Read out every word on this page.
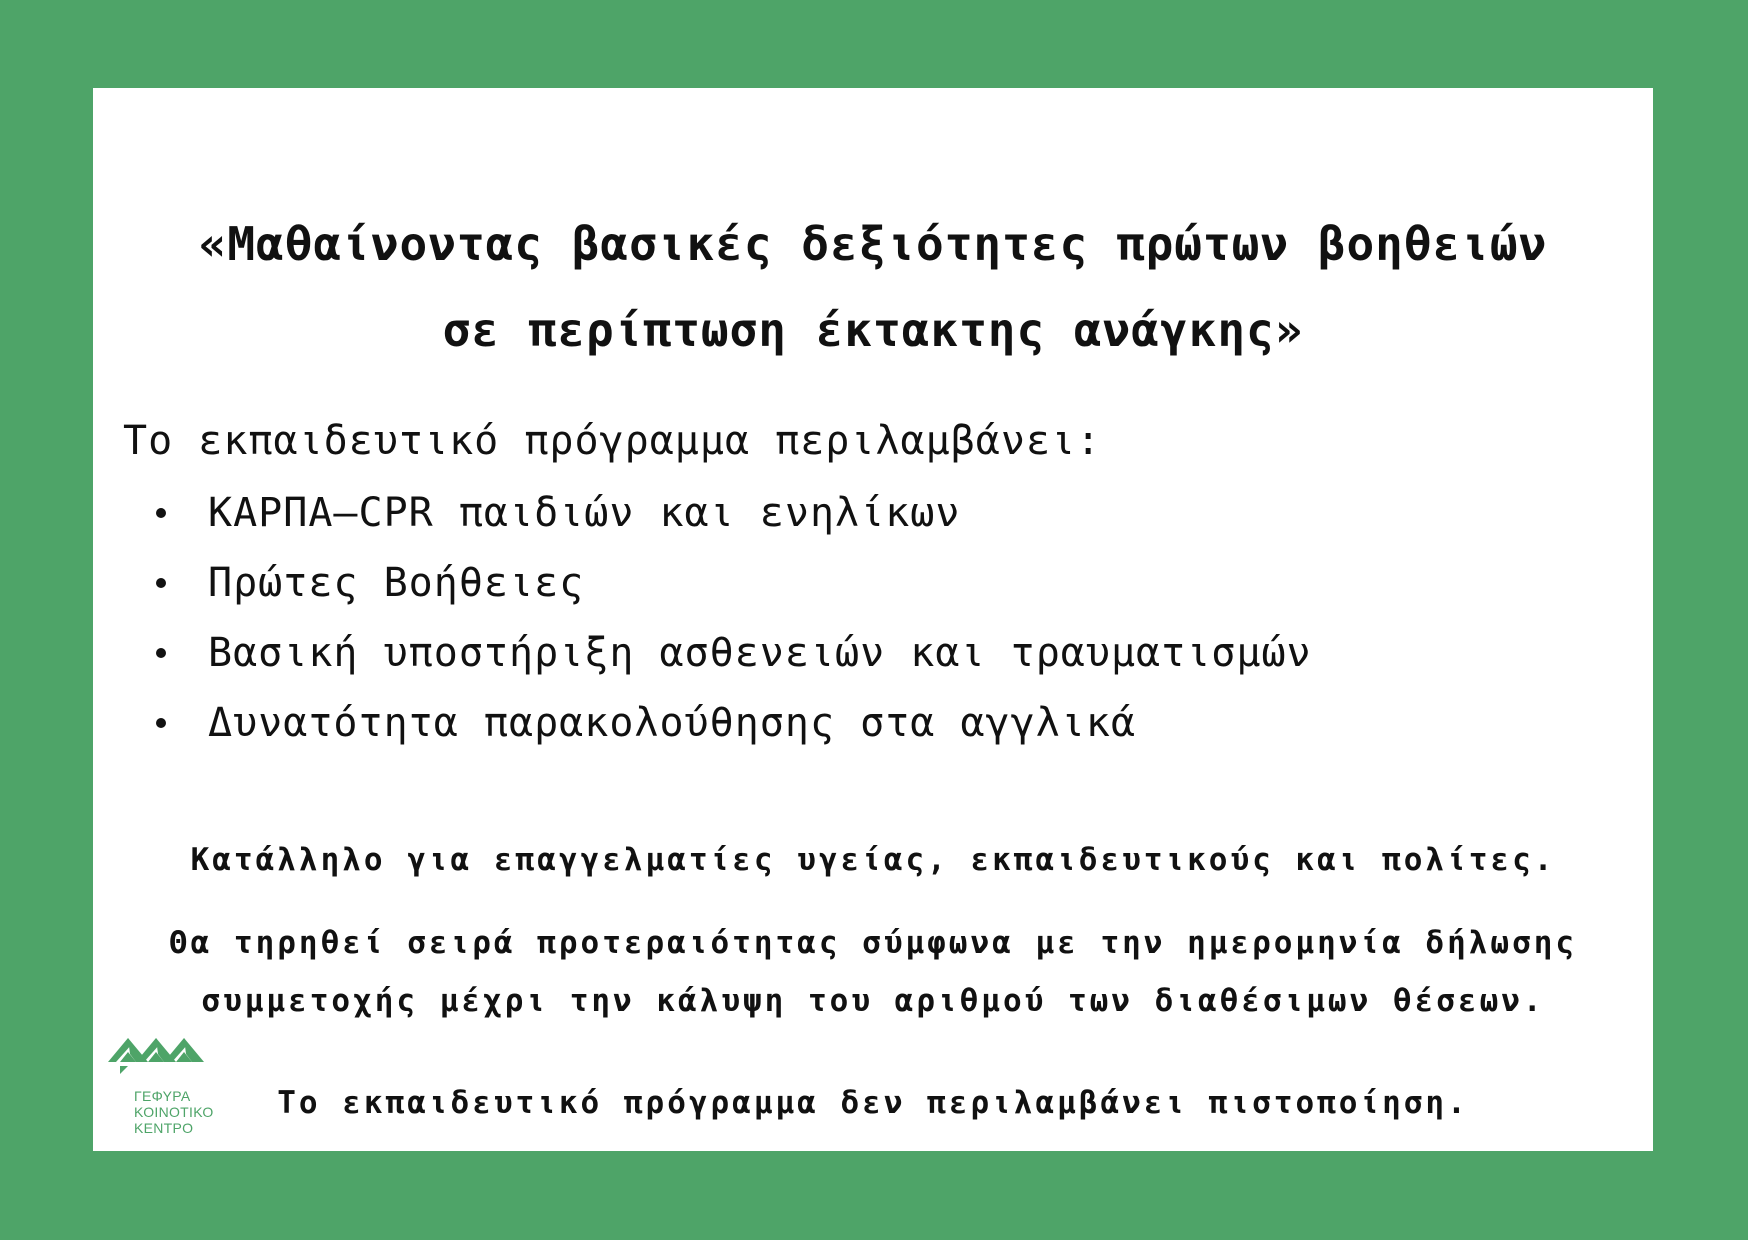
«Μαθαίνοντας βασικές δεξιότητες πρώτων βοηθειών
σε περίπτωση έκτακτης ανάγκης»
Το εκπαιδευτικό πρόγραμμα περιλαμβάνει:
ΚΑΡΠΑ–CPR παιδιών και ενηλίκων
Πρώτες Βοήθειες
Βασική υποστήριξη ασθενειών και τραυματισμών
Δυνατότητα παρακολούθησης στα αγγλικά
Κατάλληλο για επαγγελματίες υγείας, εκπαιδευτικούς και πολίτες.
Θα τηρηθεί σειρά προτεραιότητας σύμφωνα με την ημερομηνία δήλωσης
συμμετοχής μέχρι την κάλυψη του αριθμού των διαθέσιμων θέσεων.
Το εκπαιδευτικό πρόγραμμα δεν περιλαμβάνει πιστοποίηση.
ΓΕΦΥΡΑ
ΚΟΙΝΟΤΙΚΟ
ΚΕΝΤΡΟ
